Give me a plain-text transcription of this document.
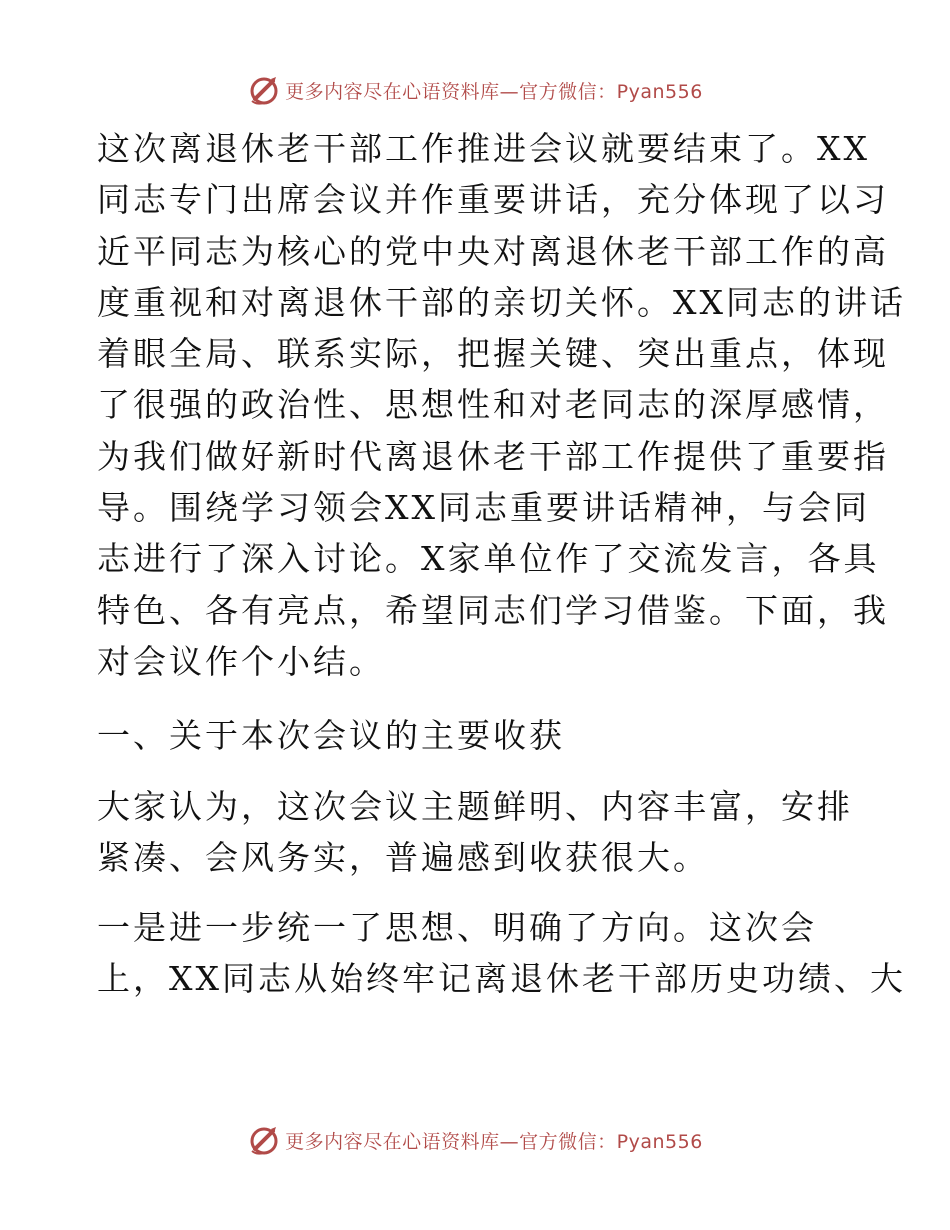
更多内容尽在心语资料库—官方微信：Pyan556

这次离退休老干部工作推进会议就要结束了。XX
同志专门出席会议并作重要讲话，充分体现了以习
近平同志为核心的党中央对离退休老干部工作的高
度重视和对离退休干部的亲切关怀。XX同志的讲话
着眼全局、联系实际，把握关键、突出重点，体现
了很强的政治性、思想性和对老同志的深厚感情，
为我们做好新时代离退休老干部工作提供了重要指
导。围绕学习领会XX同志重要讲话精神，与会同
志进行了深入讨论。X家单位作了交流发言，各具
特色、各有亮点，希望同志们学习借鉴。下面，我
对会议作个小结。

一、关于本次会议的主要收获

大家认为，这次会议主题鲜明、内容丰富，安排
紧凑、会风务实，普遍感到收获很大。

一是进一步统一了思想、明确了方向。这次会
上，XX同志从始终牢记离退休老干部历史功绩、大

更多内容尽在心语资料库—官方微信：Pyan556
